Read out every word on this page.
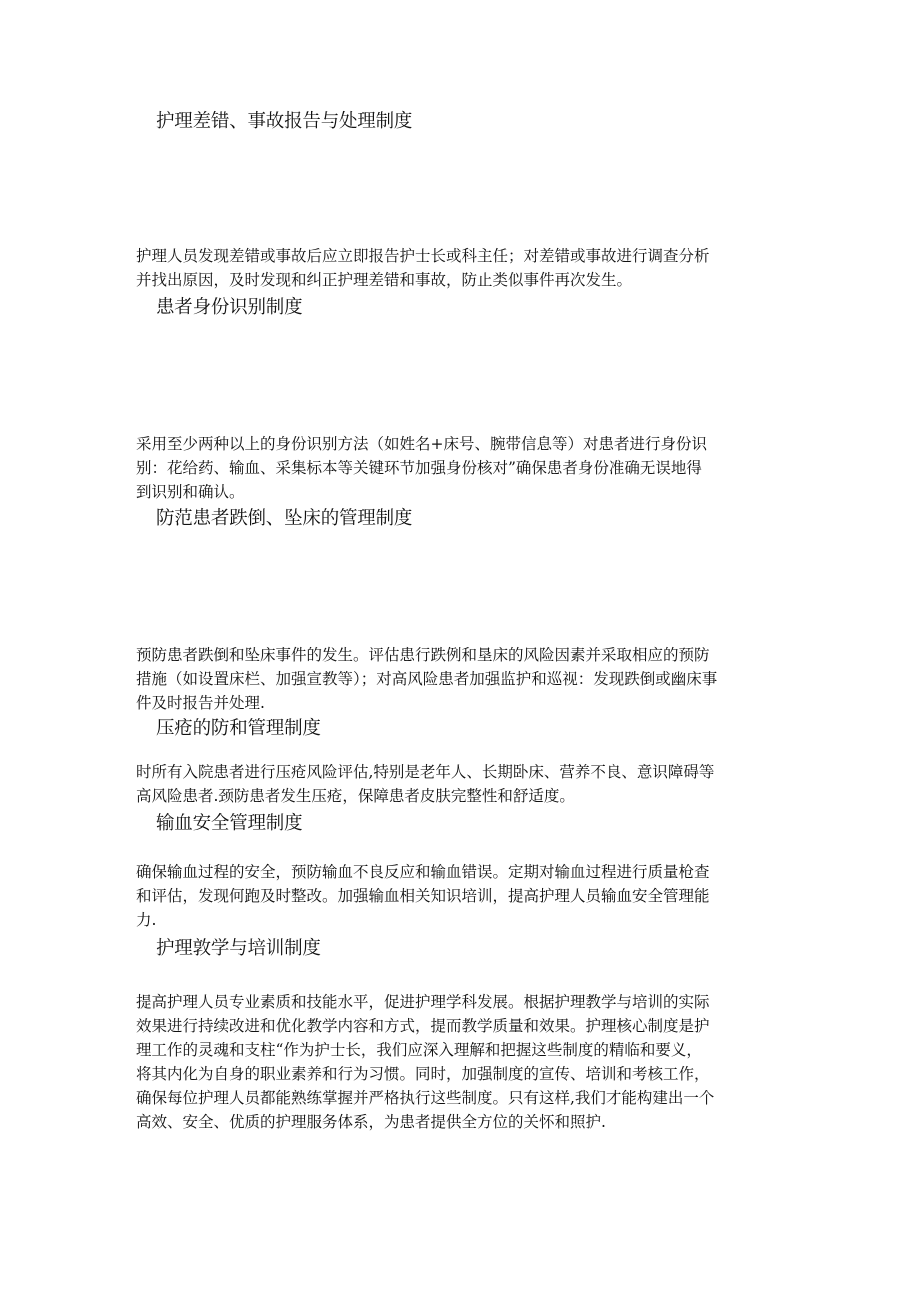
护理差错、事故报告与处理制度

护理人员发现差错或事故后应立即报告护士长或科主任；对差错或事故进行调查分析
并找出原因，及时发现和纠正护理差错和事故，防止类似事件再次发生。

患者身份识别制度

采用至少两种以上的身份识别方法（如姓名+床号、腕带信息等）对患者进行身份识
别：花给药、输血、采集标本等关键环节加强身份核对”确保患者身份准确无误地得
到识别和确认。

防范患者跌倒、坠床的管理制度

预防患者跌倒和坠床事件的发生。评估患行跌例和垦床的风险因素并采取相应的预防
措施（如设置床栏、加强宣教等）；对高风险患者加强监护和巡视：发现跌倒或幽床事
件及时报告并处理.

压疮的防和管理制度

时所有入院患者进行压疮风险评估,特别是老年人、长期卧床、营养不良、意识障碍等
高风险患者.颈防患者发生压疮，保障患者皮肤完整性和舒适度。

输血安全管理制度

确保输血过程的安全，预防输血不良反应和输血错误。定期对输血过程进行质量枪查
和评估，发现何跑及时整改。加强输血相关知识培训，提高护理人员输血安全管理能
力.

护理敦学与培训制度

提高护理人员专业素质和技能水平，促进护理学科发展。根据护理教学与培训的实际
效果进行持续改进和优化教学内容和方式，提而教学质量和效果。护理核心制度是护
理工作的灵魂和支柱“作为护士长，我们应深入理解和把握这些制度的精临和要义，
将其内化为自身的职业素养和行为习惯。同时，加强制度的宣传、培训和考核工作，
确保每位护理人员都能熟练掌握并严格执行这些制度。只有这样,我们才能构建出一个
高效、安全、优质的护理服务体系，为患者提供全方位的关怀和照护.
